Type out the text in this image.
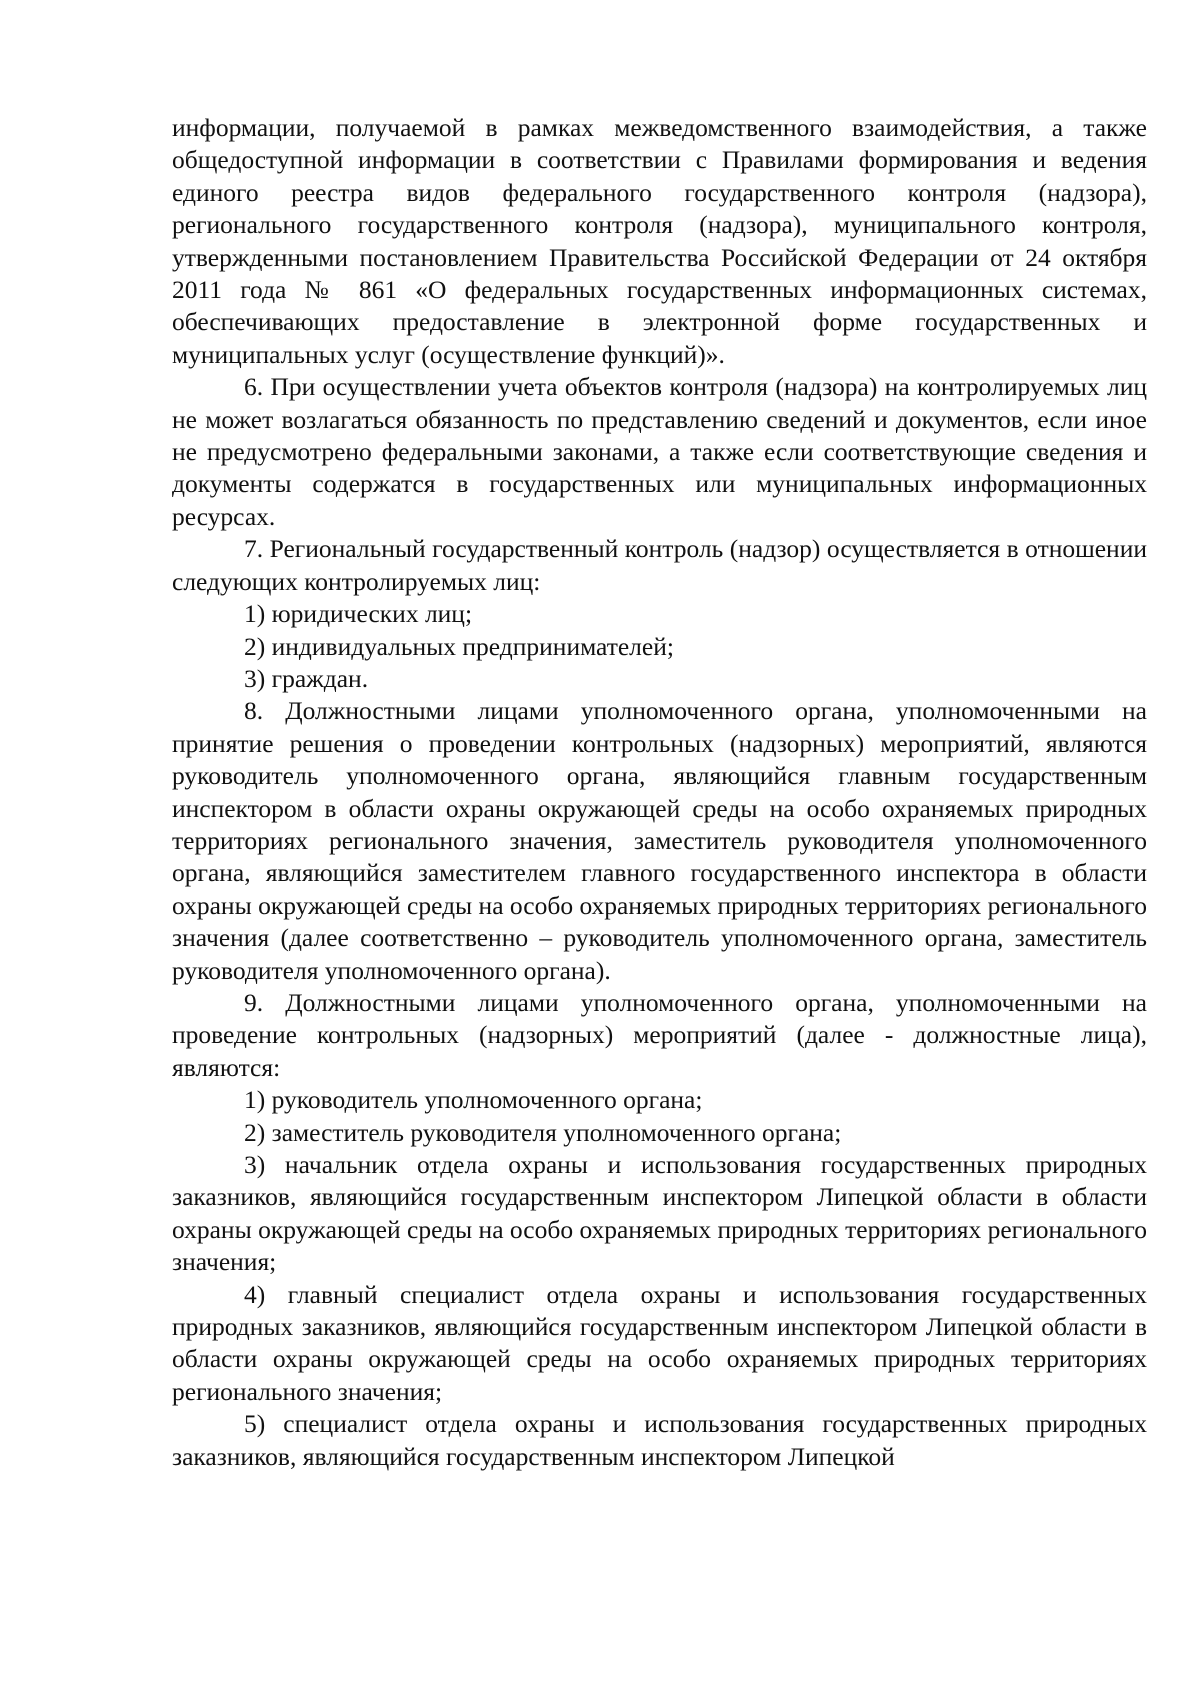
информации, получаемой в рамках межведомственного взаимодействия, а также общедоступной информации в соответствии с Правилами формирования и ведения единого реестра видов федерального государственного контроля (надзора), регионального государственного контроля (надзора), муниципального контроля, утвержденными постановлением Правительства Российской Федерации от 24 октября 2011 года № 861 «О федеральных государственных информационных системах, обеспечивающих предоставление в электронной форме государственных и муниципальных услуг (осуществление функций)».

6. При осуществлении учета объектов контроля (надзора) на контролируемых лиц не может возлагаться обязанность по представлению сведений и документов, если иное не предусмотрено федеральными законами, а также если соответствующие сведения и документы содержатся в государственных или муниципальных информационных ресурсах.

7. Региональный государственный контроль (надзор) осуществляется в отношении следующих контролируемых лиц:

1) юридических лиц;

2) индивидуальных предпринимателей;

3) граждан.

8. Должностными лицами уполномоченного органа, уполномоченными на принятие решения о проведении контрольных (надзорных) мероприятий, являются руководитель уполномоченного органа, являющийся главным государственным инспектором в области охраны окружающей среды на особо охраняемых природных территориях регионального значения, заместитель руководителя уполномоченного органа, являющийся заместителем главного государственного инспектора в области охраны окружающей среды на особо охраняемых природных территориях регионального значения (далее соответственно – руководитель уполномоченного органа, заместитель руководителя уполномоченного органа).

9. Должностными лицами уполномоченного органа, уполномоченными на проведение контрольных (надзорных) мероприятий (далее - должностные лица), являются:

1) руководитель уполномоченного органа;

2) заместитель руководителя уполномоченного органа;

3) начальник отдела охраны и использования государственных природных заказников, являющийся государственным инспектором Липецкой области в области охраны окружающей среды на особо охраняемых природных территориях регионального значения;

4) главный специалист отдела охраны и использования государственных природных заказников, являющийся государственным инспектором Липецкой области в области охраны окружающей среды на особо охраняемых природных территориях регионального значения;

5) специалист отдела охраны и использования государственных природных заказников, являющийся государственным инспектором Липецкой
